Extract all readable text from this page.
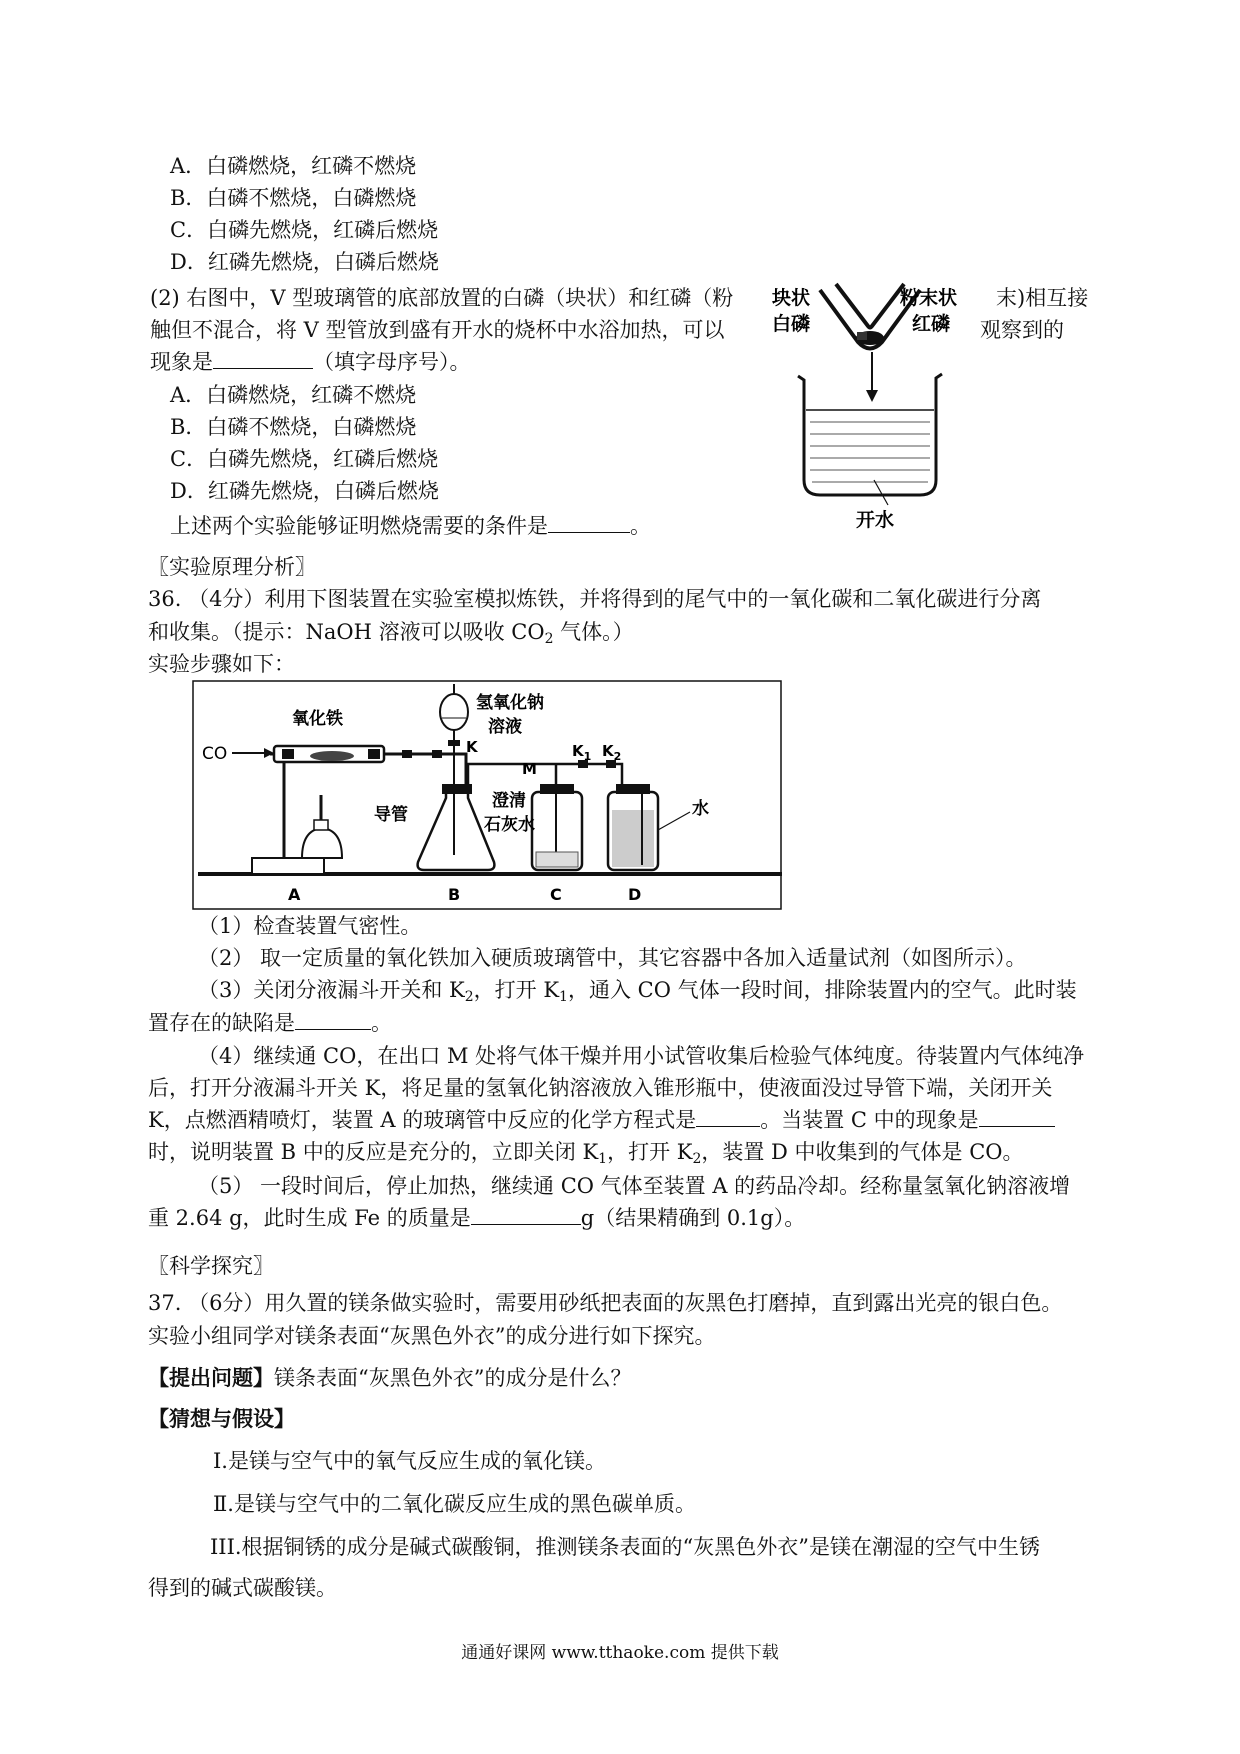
A．白磷燃烧，红磷不燃烧
B．白磷不燃烧，白磷燃烧
C．白磷先燃烧，红磷后燃烧
D．红磷先燃烧，白磷后燃烧
(2) 右图中，V 型玻璃管的底部放置的白磷（块状）和红磷（粉	末)相互接
触但不混合，将 V 型管放到盛有开水的烧杯中水浴加热，可以	观察到的
现象是	（填字母序号）。
A．白磷燃烧，红磷不燃烧
B．白磷不燃烧，白磷燃烧
C．白磷先燃烧，红磷后燃烧
D．红磷先燃烧，白磷后燃烧
上述两个实验能够证明燃烧需要的条件是	。
块状
白磷
粉末状
红磷
开水
〖实验原理分析〗
36. （4分）利用下图装置在实验室模拟炼铁，并将得到的尾气中的一氧化碳和二氧化碳进行分离
和收集。（提示：NaOH 溶液可以吸收 $CO_2$ 气体。）
实验步骤如下：
CO
氧化铁
氢氧化钠
溶液
K
M
$K_1$ $K_2$
导管
澄清
石灰水
水
A	B	C	D
（1）检查装置气密性。
（2） 取一定质量的氧化铁加入硬质玻璃管中，其它容器中各加入适量试剂（如图所示）。
（3）关闭分液漏斗开关和 $K_2$，打开 $K_1$，通入 CO 气体一段时间，排除装置内的空气。此时装
置存在的缺陷是	。
（4）继续通 CO，在出口 M 处将气体干燥并用小试管收集后检验气体纯度。待装置内气体纯净
后，打开分液漏斗开关 K，将足量的氢氧化钠溶液放入锥形瓶中，使液面没过导管下端，关闭开关
K，点燃酒精喷灯，装置 A 的玻璃管中反应的化学方程式是	。当装置 C 中的现象是
时，说明装置 B 中的反应是充分的，立即关闭 $K_1$，打开 $K_2$，装置 D 中收集到的气体是 CO。
（5） 一段时间后，停止加热，继续通 CO 气体至装置 A 的药品冷却。经称量氢氧化钠溶液增
重 2.64 g，此时生成 Fe 的质量是	g（结果精确到 0.1g）。
〖科学探究〗
37. （6分）用久置的镁条做实验时，需要用砂纸把表面的灰黑色打磨掉，直到露出光亮的银白色。
实验小组同学对镁条表面“灰黑色外衣”的成分进行如下探究。
【提出问题】镁条表面“灰黑色外衣”的成分是什么？
【猜想与假设】
Ⅰ.是镁与空气中的氧气反应生成的氧化镁。
Ⅱ.是镁与空气中的二氧化碳反应生成的黑色碳单质。
III.根据铜锈的成分是碱式碳酸铜，推测镁条表面的“灰黑色外衣”是镁在潮湿的空气中生锈
得到的碱式碳酸镁。
通通好课网 www.tthaoke.com 提供下载
